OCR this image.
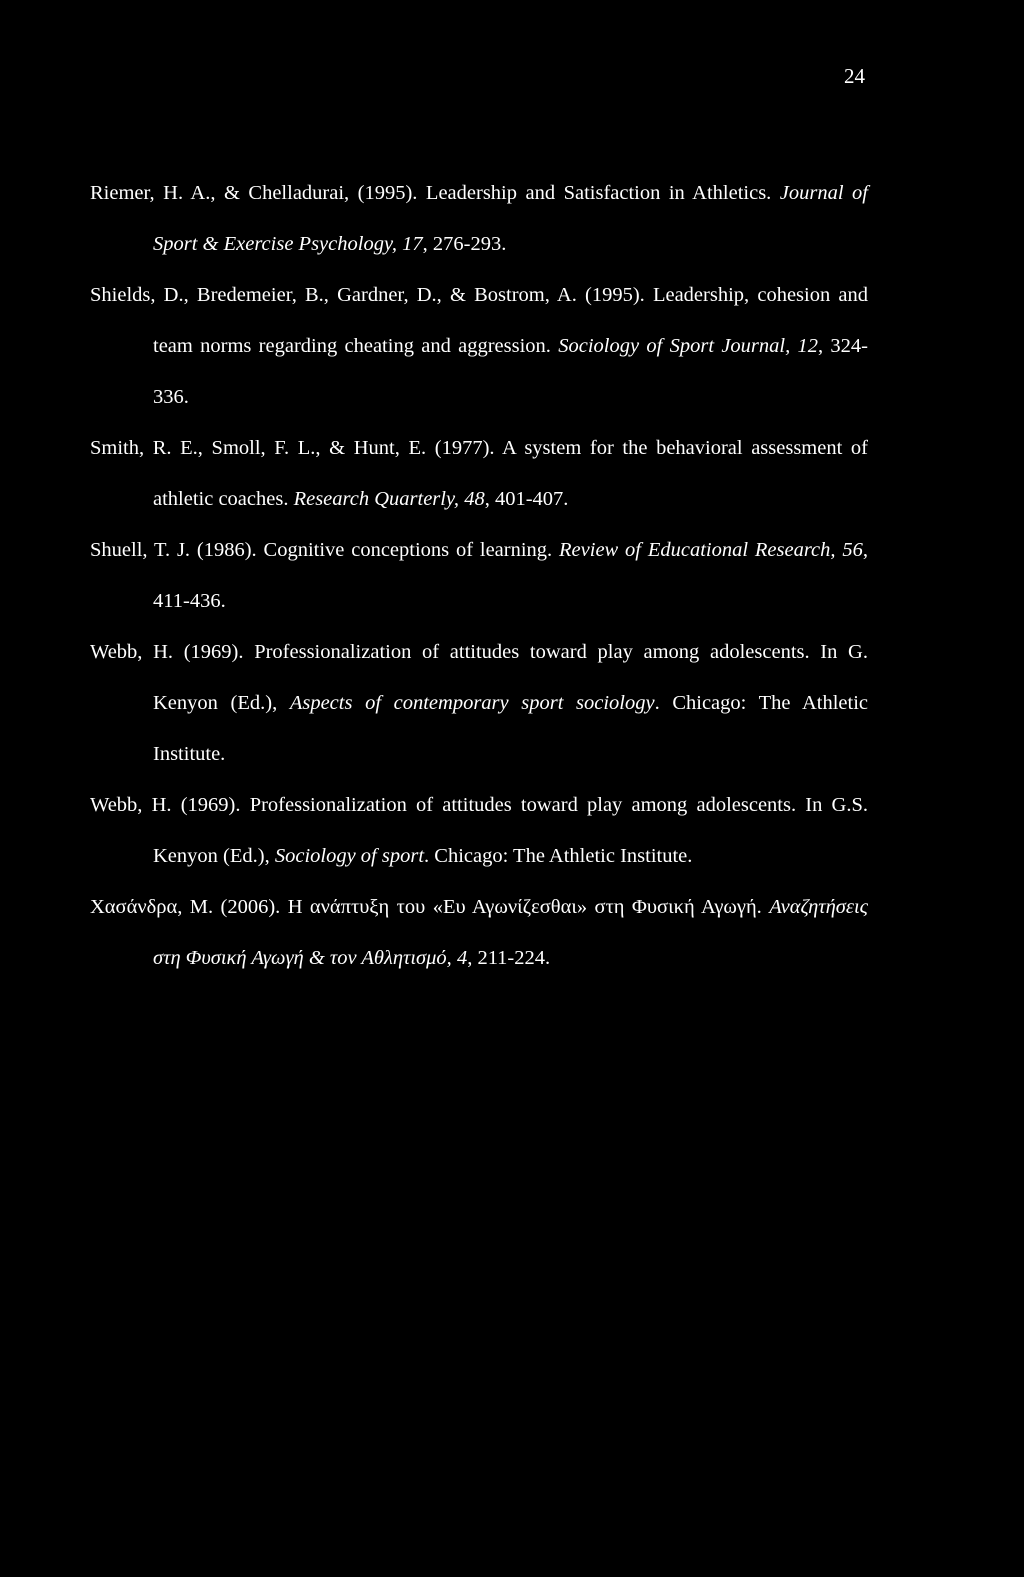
24

Riemer, H. A., & Chelladurai, (1995). Leadership and Satisfaction in Athletics. Journal of Sport & Exercise Psychology, 17, 276-293.

Shields, D., Bredemeier, B., Gardner, D., & Bostrom, A. (1995). Leadership, cohesion and team norms regarding cheating and aggression. Sociology of Sport Journal, 12, 324-336.

Smith, R. E., Smoll, F. L., & Hunt, E. (1977). A system for the behavioral assessment of athletic coaches. Research Quarterly, 48, 401-407.

Shuell, T. J. (1986). Cognitive conceptions of learning. Review of Educational Research, 56, 411-436.

Webb, H. (1969). Professionalization of attitudes toward play among adolescents. In G. Kenyon (Ed.), Aspects of contemporary sport sociology. Chicago: The Athletic Institute.

Webb, H. (1969). Professionalization of attitudes toward play among adolescents. In G.S. Kenyon (Ed.), Sociology of sport. Chicago: The Athletic Institute.

Χασάνδρα, Μ. (2006). Η ανάπτυξη του «Ευ Αγωνίζεσθαι» στη Φυσική Αγωγή. Αναζητήσεις στη Φυσική Αγωγή & τον Αθλητισμό, 4, 211-224.
